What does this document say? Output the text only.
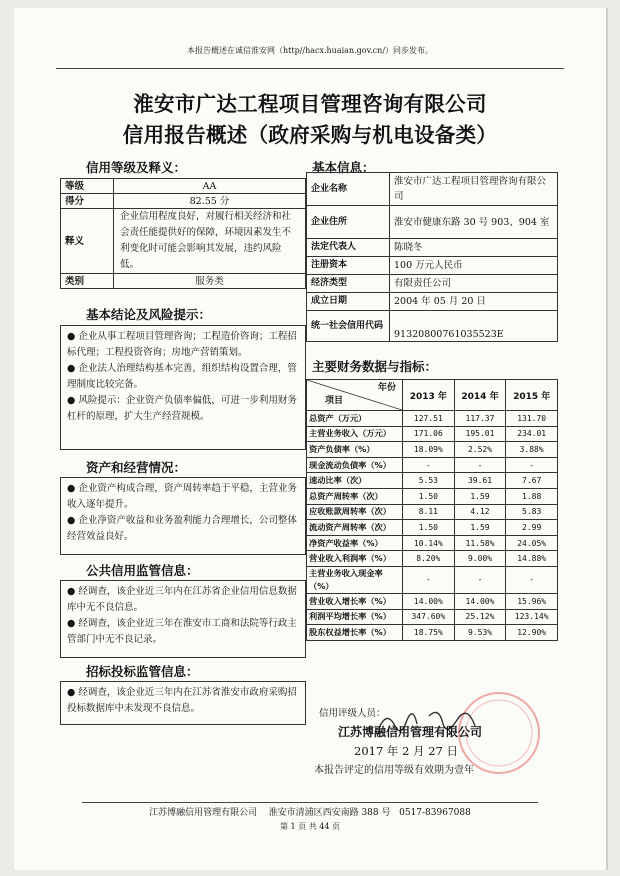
本报告概述在诚信淮安网（http//hacx.huaian.gov.cn/）同步发布。
淮安市广达工程项目管理咨询有限公司
信用报告概述（政府采购与机电设备类）
信用等级及释义：
等级	AA
得分	82.55 分
释义	企业信用程度良好，对履行相关经济和社会责任能提供好的保障，环境因素发生不利变化时可能会影响其发展，违约风险低。
类别	服务类
基本结论及风险提示：

● 企业从事工程项目管理咨询；工程造价咨询；工程招标代理；工程投资咨询；房地产营销策划。

● 企业法人治理结构基本完善，组织结构设置合理，管理制度比较完备。

● 风险提示：企业资产负债率偏低，可进一步利用财务杠杆的原理，扩大生产经营规模。

资产和经营情况：

● 企业资产构成合理，资产周转率趋于平稳，主营业务收入逐年提升。

● 企业净资产收益和业务盈利能力合理增长，公司整体经营效益良好。

公共信用监管信息：

● 经调查，该企业近三年内在江苏省企业信用信息数据库中无不良信息。

● 经调查，该企业近三年在淮安市工商和法院等行政主管部门中无不良记录。

招标投标监管信息：

● 经调查，该企业近三年内在江苏省淮安市政府采购招投标数据库中未发现不良信息。

基本信息：
企业名称	淮安市广达工程项目管理咨询有限公司
企业住所	淮安市健康东路 30 号 903、904 室
法定代表人	陈晓冬
注册资本	100 万元人民币
经济类型	有限责任公司
成立日期	2004 年 05 月 20 日
统一社会信用代码	91320800761035523E
主要财务数据与指标：
年份
项目	2013 年	2014 年	2015 年
总资产（万元）	127.51	117.37	131.70
主营业务收入（万元）	171.06	195.01	234.01
资产负债率（%）	18.09%	2.52%	3.88%
现金流动负债率（%）	-	-	-
速动比率（次）	5.53	39.61	7.67
总资产周转率（次）	1.50	1.59	1.88
应收账款周转率（次）	8.11	4.12	5.83
流动资产周转率（次）	1.50	1.59	2.99
净资产收益率（%）	10.14%	11.58%	24.05%
营业收入利润率（%）	8.20%	9.00%	14.88%
主营业务收入现金率（%）	-	-	-
营业收入增长率（%）	14.00%	14.00%	15.96%
利润平均增长率（%）	347.60%	25.12%	123.14%
股东权益增长率（%）	18.75%	9.53%	12.90%
信用评级人员：
江苏博融信用管理有限公司
2017 年 2 月 27 日
本报告评定的信用等级有效期为壹年
江苏博融信用管理有限公司 淮安市清浦区西安南路 388 号 0517-83967088
第 1 页 共 44 页
